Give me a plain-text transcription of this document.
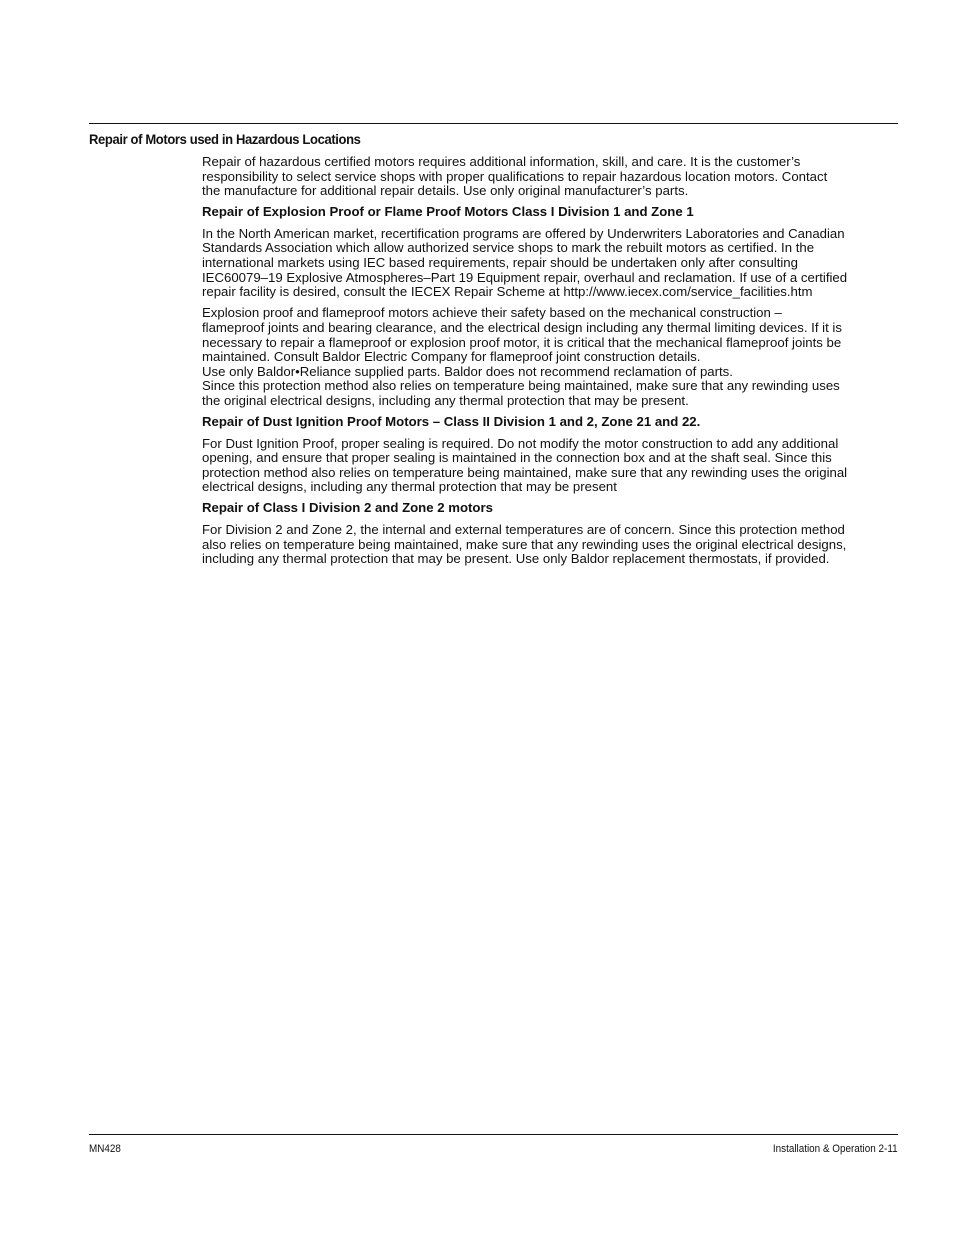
Repair of Motors used in Hazardous Locations

Repair of hazardous certified motors requires additional information, skill, and care. It is the customer’s
responsibility to select service shops with proper qualifications to repair hazardous location motors. Contact
the manufacture for additional repair details. Use only original manufacturer’s parts.

Repair of Explosion Proof or Flame Proof Motors Class I Division 1 and Zone 1

In the North American market, recertification programs are offered by Underwriters Laboratories and Canadian
Standards Association which allow authorized service shops to mark the rebuilt motors as certified. In the
international markets using IEC based requirements, repair should be undertaken only after consulting
IEC60079–19 Explosive Atmospheres–Part 19 Equipment repair, overhaul and reclamation. If use of a certified
repair facility is desired, consult the IECEX Repair Scheme at http://www.iecex.com/service_facilities.htm

Explosion proof and flameproof motors achieve their safety based on the mechanical construction –
flameproof joints and bearing clearance, and the electrical design including any thermal limiting devices. If it is
necessary to repair a flameproof or explosion proof motor, it is critical that the mechanical flameproof joints be
maintained. Consult Baldor Electric Company for flameproof joint construction details.
Use only Baldor•Reliance supplied parts. Baldor does not recommend reclamation of parts.
Since this protection method also relies on temperature being maintained, make sure that any rewinding uses
the original electrical designs, including any thermal protection that may be present.

Repair of Dust Ignition Proof Motors – Class II Division 1 and 2, Zone 21 and 22.

For Dust Ignition Proof, proper sealing is required. Do not modify the motor construction to add any additional
opening, and ensure that proper sealing is maintained in the connection box and at the shaft seal. Since this
protection method also relies on temperature being maintained, make sure that any rewinding uses the original
electrical designs, including any thermal protection that may be present

Repair of Class I Division 2 and Zone 2 motors

For Division 2 and Zone 2, the internal and external temperatures are of concern. Since this protection method
also relies on temperature being maintained, make sure that any rewinding uses the original electrical designs,
including any thermal protection that may be present. Use only Baldor replacement thermostats, if provided.

MN428	Installation & Operation 2-11
